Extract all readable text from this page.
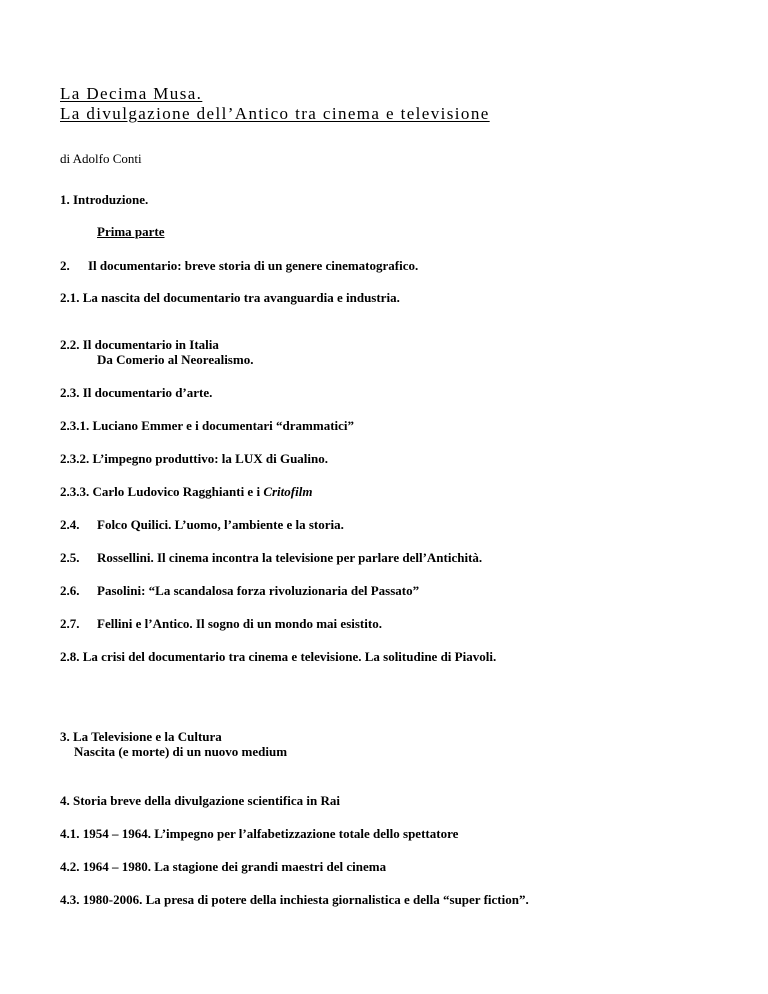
La Decima Musa.
La divulgazione dell’Antico tra cinema e televisione
di Adolfo Conti
1. Introduzione.
Prima parte
2. Il documentario: breve storia di un genere cinematografico.
2.1. La nascita del documentario tra avanguardia e industria.
2.2. Il documentario in Italia
Da Comerio al Neorealismo.
2.3. Il documentario d’arte.
2.3.1. Luciano Emmer e i documentari “drammatici”
2.3.2. L’impegno produttivo: la LUX di Gualino.
2.3.3. Carlo Ludovico Ragghianti e i Critofilm
2.4. Folco Quilici. L’uomo, l’ambiente e la storia.
2.5. Rossellini. Il cinema incontra la televisione per parlare dell’Antichità.
2.6. Pasolini: “La scandalosa forza rivoluzionaria del Passato”
2.7. Fellini e l’Antico. Il sogno di un mondo mai esistito.
2.8. La crisi del documentario tra cinema e televisione. La solitudine di Piavoli.
3. La Televisione e la Cultura
Nascita (e morte) di un nuovo medium
4. Storia breve della divulgazione scientifica in Rai
4.1. 1954 – 1964. L’impegno per l’alfabetizzazione totale dello spettatore
4.2. 1964 – 1980. La stagione dei grandi maestri del cinema
4.3. 1980-2006. La presa di potere della inchiesta giornalistica e della “super fiction”.
